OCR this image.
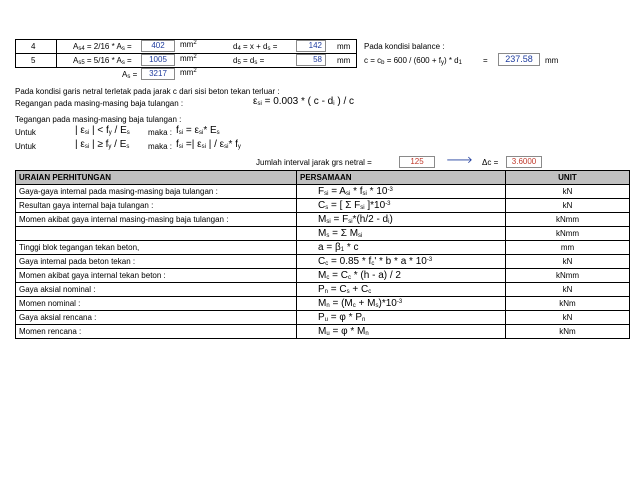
4	$A_{s4} = 2/16 * A_s$ =	402	$mm^2$	$d_4 = x + d_s$ =	142	mm Pada kondisi balance :
5	$A_{s5} = 5/16 * A_s$ =	1005	$mm^2$	$d_5 = d_s$ =	58	mm $c = c_b = 600 / (600 + f_y) * d_1$	=	237.58	mm
$A_s$ =	3217	$mm^2$
Pada kondisi garis netral terletak pada jarak c dari sisi beton tekan terluar :
Regangan pada masing-masing baja tulangan :	$\varepsilon_{si} = 0.003$ * ( c - $d_i$ ) / c
Tegangan pada masing-masing baja tulangan :
Untuk	| $\varepsilon_{si}$ | < $f_y / E_s$ maka : $f_{si} = \varepsilon_{si}*$ $E_s$
Untuk	| $\varepsilon_{si}$ | ≥ $f_y / E_s$ maka : $f_{si}$ =| $\varepsilon_{si}$ | / $\varepsilon_{si}*$ $f_y$
Jumlah interval jarak grs netral =	125	🡒 Δc =	3.6000
URAIAN PERHITUNGAN	PERSAMAAN	UNIT
Gaya-gaya internal pada masing-masing baja tulangan :	$F_{si} = A_{si} * f_{si} * 10^{-3}$	kN
Resultan gaya internal baja tulangan :	$C_s$ = [ Σ $F_{si}$ ]$*10^{-3}$	kN
Momen akibat gaya internal masing-masing baja tulangan :	$M_{si} = F_{si}*(h/2 - d_i)$	kNmm
	$M_s = \Sigma$ $M_{si}$	kNmm
Tinggi blok tegangan tekan beton,	$a = \beta_1 * c$	mm
Gaya internal pada beton tekan :	$C_c = 0.85 * f_c' * b * a * 10^{-3}$	kN
Momen akibat gaya internal tekan beton :	$M_c = C_c * (h - a) / 2$	kNmm
Gaya aksial nominal :	$P_n = C_s + C_c$	kN
Momen nominal :	$M_n = (M_c + M_s)*10^{-3}$	kNm
Gaya aksial rencana :	$P_u = \varphi * P_n$	kN
Momen rencana :	$M_u = \varphi * M_n$	kNm
